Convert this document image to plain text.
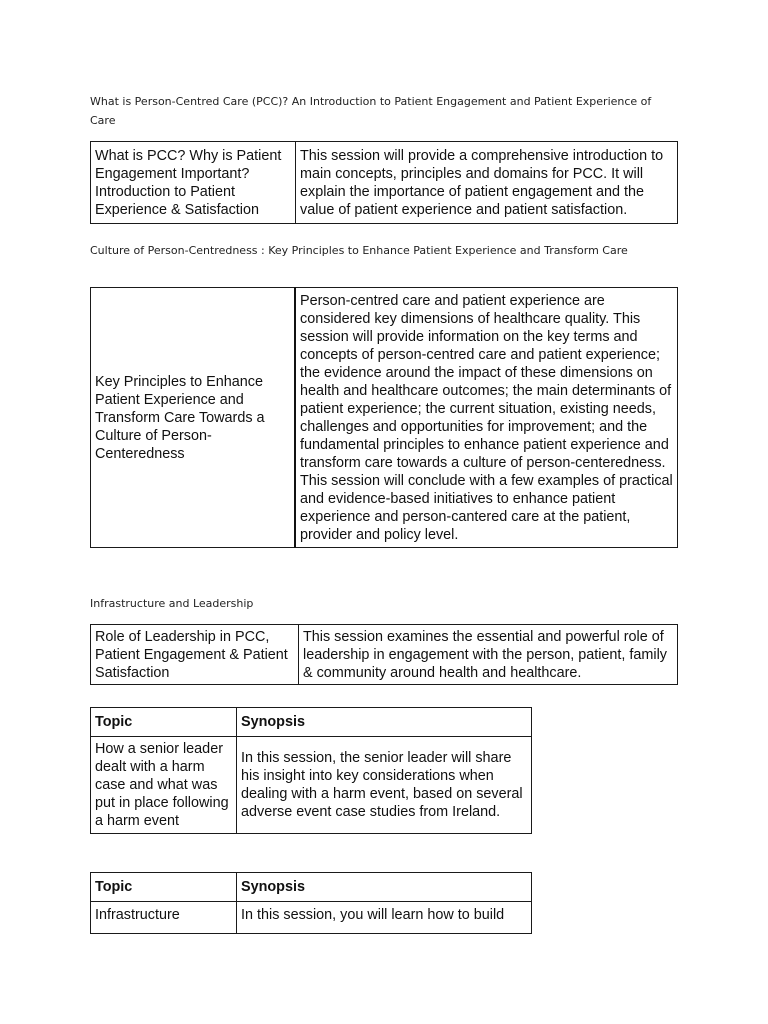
What is Person-Centred Care (PCC)? An Introduction to Patient Engagement and Patient Experience of Care
What is PCC? Why is Patient Engagement Important? Introduction to Patient Experience & Satisfaction	This session will provide a comprehensive introduction to main concepts, principles and domains for PCC. It will explain the importance of patient engagement and the value of patient experience and patient satisfaction.
Culture of Person-Centredness : Key Principles to Enhance Patient Experience and Transform Care
Key Principles to Enhance Patient Experience and Transform Care Towards a Culture of Person-Centeredness	Person-centred care and patient experience are considered key dimensions of healthcare quality. This session will provide information on the key terms and concepts of person-centred care and patient experience; the evidence around the impact of these dimensions on health and healthcare outcomes; the main determinants of patient experience; the current situation, existing needs, challenges and opportunities for improvement; and the fundamental principles to enhance patient experience and transform care towards a culture of person-centeredness. This session will conclude with a few examples of practical and evidence-based initiatives to enhance patient experience and person-cantered care at the patient, provider and policy level.
Infrastructure and Leadership
Role of Leadership in PCC, Patient Engagement & Patient Satisfaction	This session examines the essential and powerful role of leadership in engagement with the person, patient, family & community around health and healthcare.
Topic	Synopsis
How a senior leader dealt with a harm case and what was put in place following a harm event	In this session, the senior leader will share his insight into key considerations when dealing with a harm event, based on several adverse event case studies from Ireland.
Topic	Synopsis
Infrastructure	In this session, you will learn how to build
